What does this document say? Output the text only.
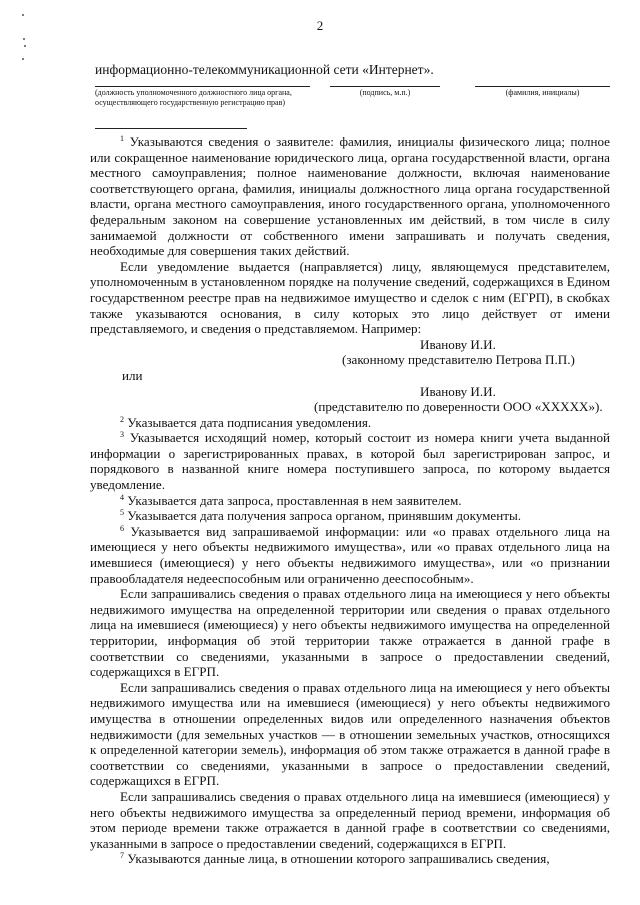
2
информационно-телекоммуникационной сети «Интернет».
(должность уполномоченного должностного лица органа, осуществляющего государственную регистрацию прав)
(подпись, м.п.)	(фамилия, инициалы)

$^1$ Указываются сведения о заявителе: фамилия, инициалы физического лица; полное или сокращенное наименование юридического лица, органа государственной власти, органа местного самоуправления; полное наименование должности, включая наименование соответствующего органа, фамилия, инициалы должностного лица органа государственной власти, органа местного самоуправления, иного государственного органа, уполномоченного федеральным законом на совершение установленных им действий, в том числе в силу занимаемой должности от собственного имени запрашивать и получать сведения, необходимые для совершения таких действий.

Если уведомление выдается (направляется) лицу, являющемуся представителем, уполномоченным в установленном порядке на получение сведений, содержащихся в Едином государственном реестре прав на недвижимое имущество и сделок с ним (ЕГРП), в скобках также указываются основания, в силу которых это лицо действует от имени представляемого, и сведения о представляемом. Например:

Иванову И.И.

(законному представителю Петрова П.П.)

или

Иванову И.И.

(представителю по доверенности ООО «ХХХХХ»).

$^2$ Указывается дата подписания уведомления.

$^3$ Указывается исходящий номер, который состоит из номера книги учета выданной информации о зарегистрированных правах, в которой был зарегистрирован запрос, и порядкового в названной книге номера поступившего запроса, по которому выдается уведомление.

$^4$ Указывается дата запроса, проставленная в нем заявителем.

$^5$ Указывается дата получения запроса органом, принявшим документы.

$^6$ Указывается вид запрашиваемой информации: или «о правах отдельного лица на имеющиеся у него объекты недвижимого имущества», или «о правах отдельного лица на имевшиеся (имеющиеся) у него объекты недвижимого имущества», или «о признании правообладателя недееспособным или ограниченно дееспособным».

Если запрашивались сведения о правах отдельного лица на имеющиеся у него объекты недвижимого имущества на определенной территории или сведения о правах отдельного лица на имевшиеся (имеющиеся) у него объекты недвижимого имущества на определенной территории, информация об этой территории также отражается в данной графе в соответствии со сведениями, указанными в запросе о предоставлении сведений, содержащихся в ЕГРП.

Если запрашивались сведения о правах отдельного лица на имеющиеся у него объекты недвижимого имущества или на имевшиеся (имеющиеся) у него объекты недвижимого имущества в отношении определенных видов или определенного назначения объектов недвижимости (для земельных участков — в отношении земельных участков, относящихся к определенной категории земель), информация об этом также отражается в данной графе в соответствии со сведениями, указанными в запросе о предоставлении сведений, содержащихся в ЕГРП.

Если запрашивались сведения о правах отдельного лица на имевшиеся (имеющиеся) у него объекты недвижимого имущества за определенный период времени, информация об этом периоде времени также отражается в данной графе в соответствии со сведениями, указанными в запросе о предоставлении сведений, содержащихся в ЕГРП.

$^7$ Указываются данные лица, в отношении которого запрашивались сведения,
